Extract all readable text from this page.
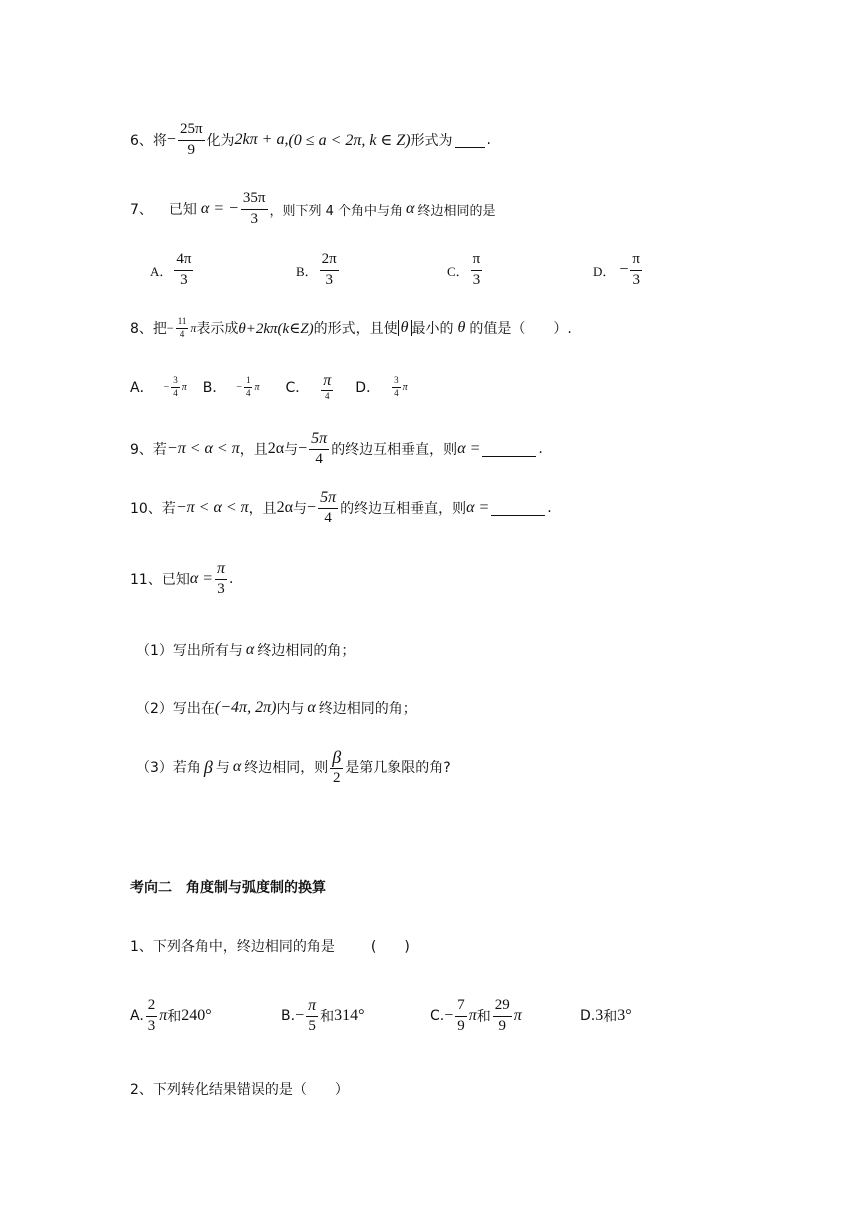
6、将 − $\frac{25\pi}{9}$ 化为 2kπ + a, (0 ≤ a < 2π, k ∈ Z) 形式为 .
7、 已知 α = − $\frac{35\pi}{3}$ ，则下列 4 个角中与角 α 终边相同的是
A． $\frac{4\pi}{3}$	B． $\frac{2\pi}{3}$	C． $\frac{\pi}{3}$	D． − $\frac{\pi}{3}$
8、把 − $\frac{11}{4}$ π 表示成 θ+2kπ(k∈Z) 的形式，且使 θ 最小的 θ 的值是（　　）.
A． − $\frac{3}{4}$ π B． − $\frac{1}{4}$ π C． $\frac{\pi}{4}$ D． $\frac{3}{4}$ π
9、若 −π < α < π ，且 2α 与 − $\frac{5\pi}{4}$ 的终边互相垂直，则 α =	.
10、若 −π < α < π ，且 2α 与 − $\frac{5\pi}{4}$ 的终边互相垂直，则 α =	.
11、已知 $\alpha = \frac{\pi}{3}$ .
（1）写出所有与 α 终边相同的角；
（2）写出在 (−4π, 2π) 内与 α 终边相同的角；
（3）若角 β 与 α 终边相同，则 $\frac{\beta}{2}$ 是第几象限的角?
考向二　角度制与弧度制的换算
1、下列各角中，终边相同的角是	(　　)
A. $\frac{2}{3}$ π 和 240°	B. − $\frac{\pi}{5}$ 和 314°	C. − $\frac{7}{9}$ π 和 $\frac{29}{9}$ π	D. 3 和 3°
2、下列转化结果错误的是（　　）
